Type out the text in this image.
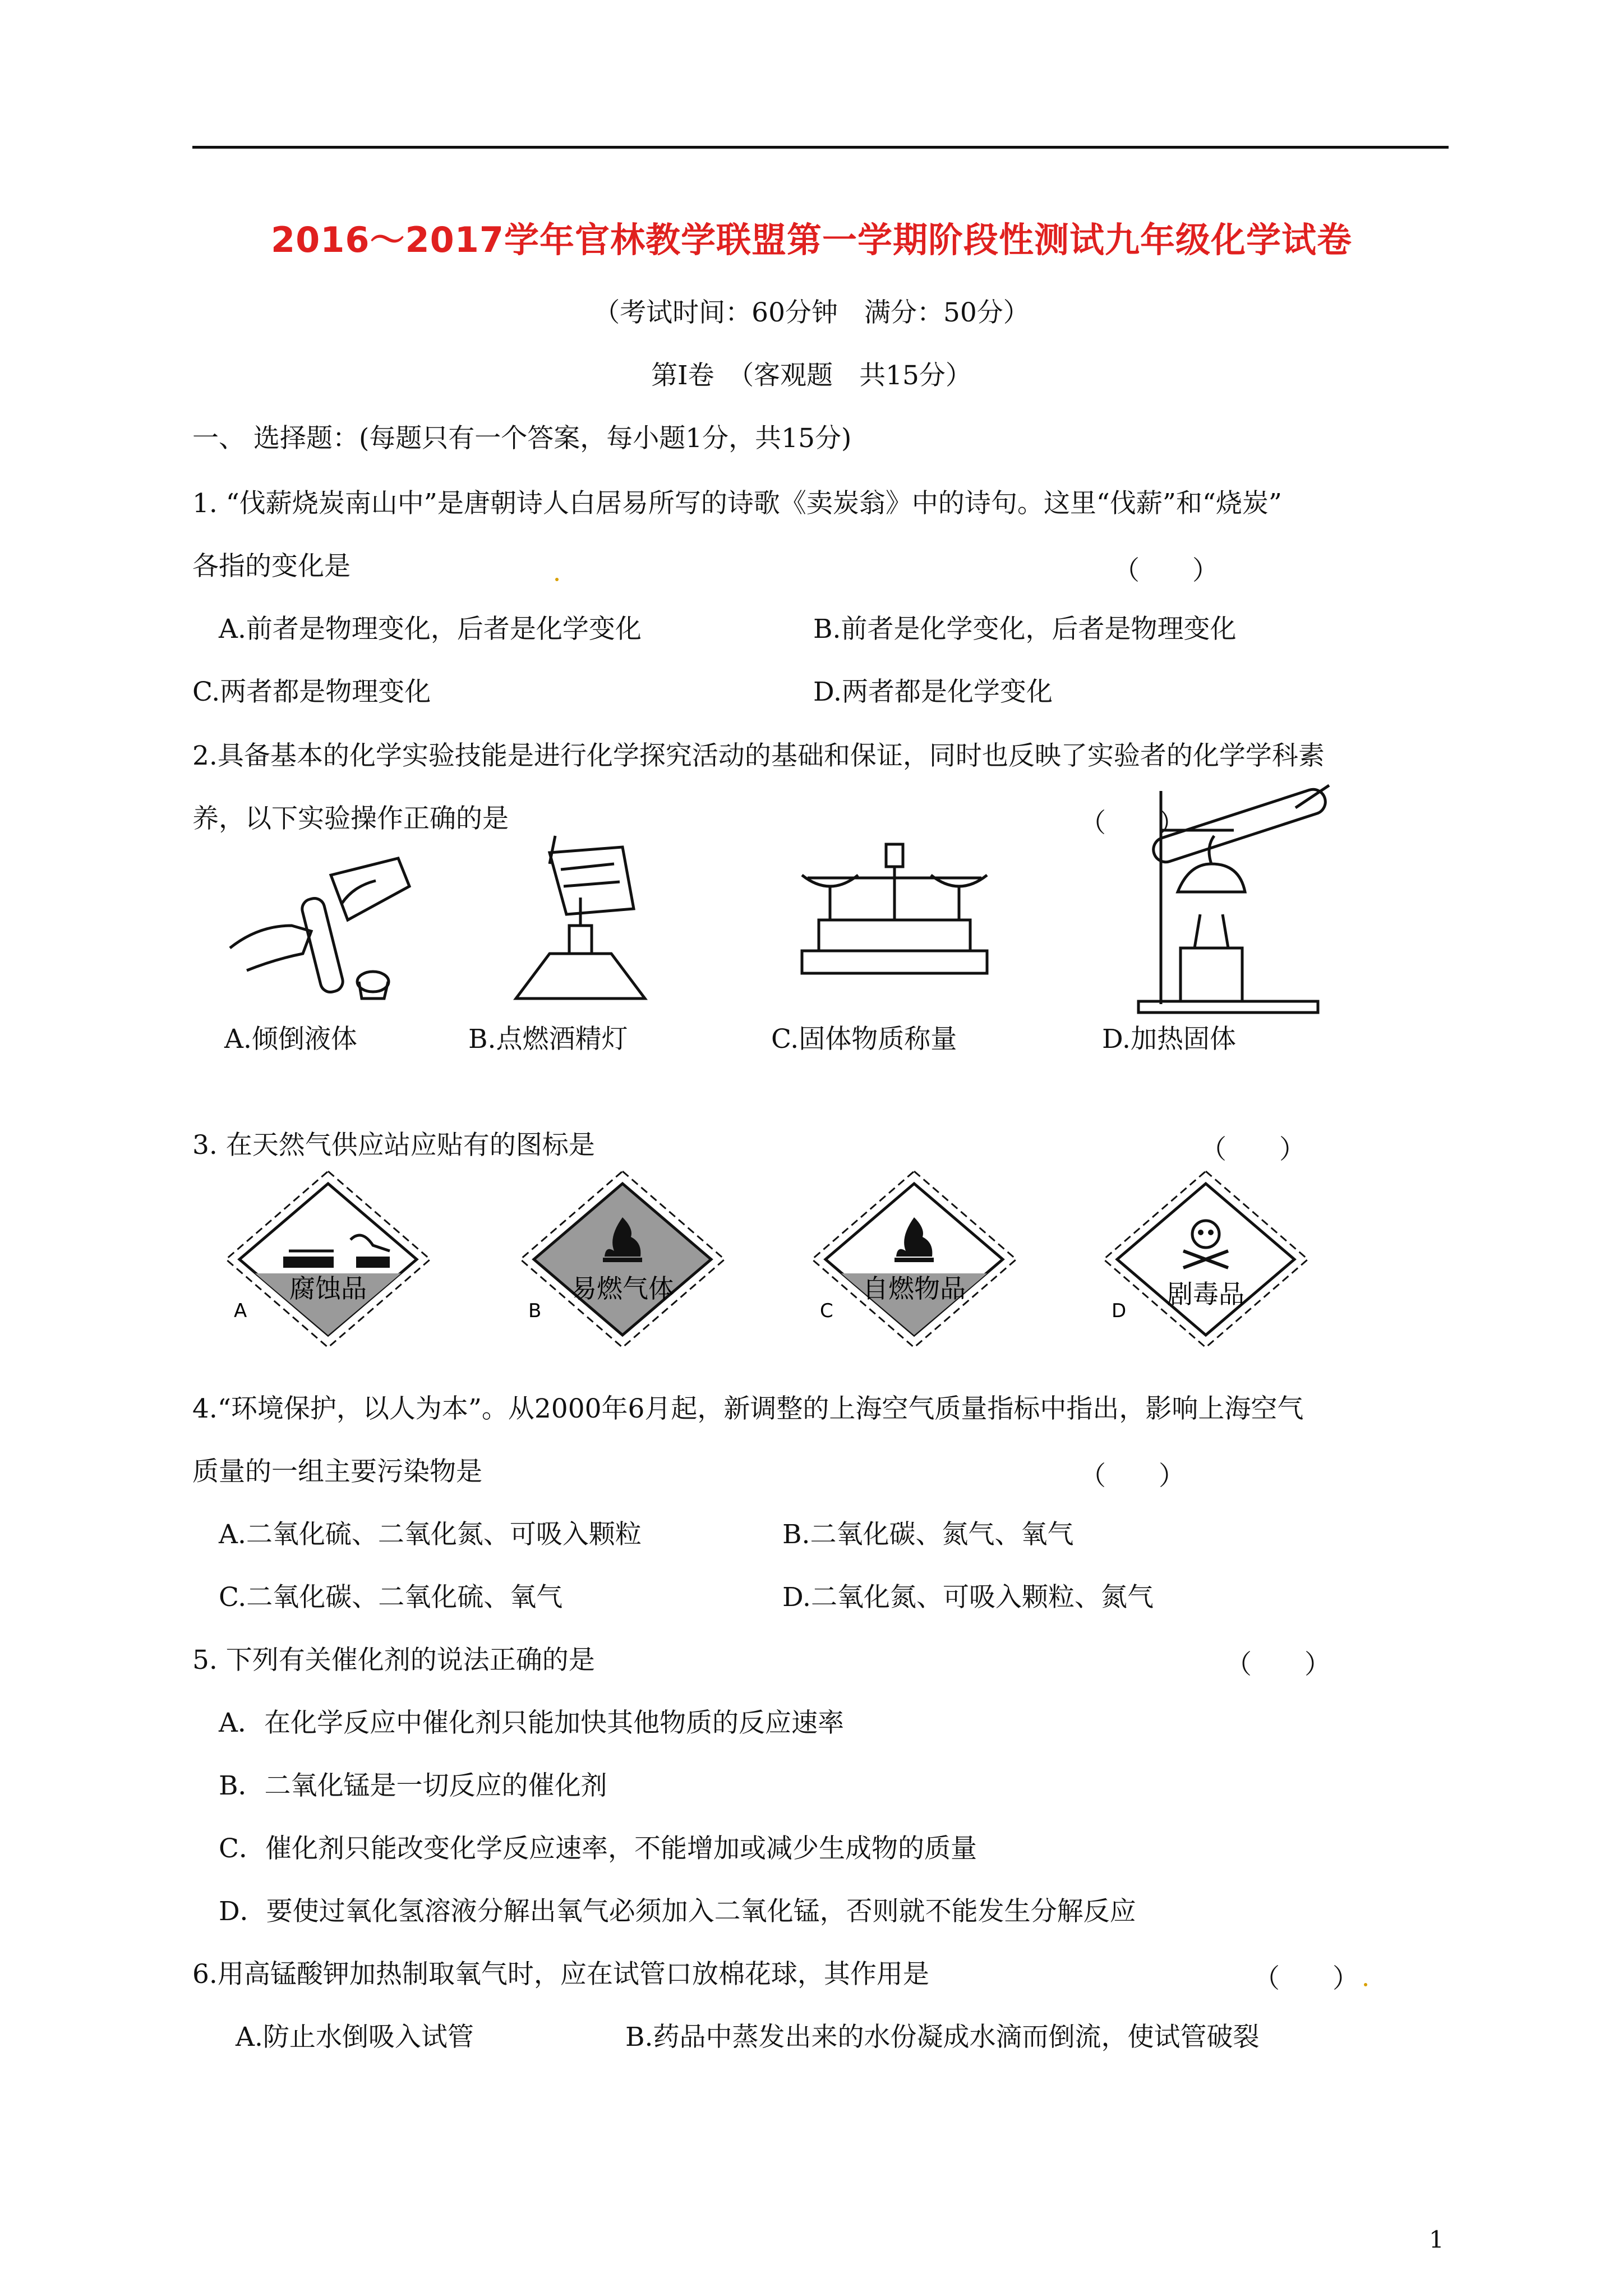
2016～2017学年官林教学联盟第一学期阶段性测试九年级化学试卷
（考试时间：60分钟　满分：50分）
第Ⅰ卷　（客观题　共15分）
一、 选择题：(每题只有一个答案，每小题1分，共15分)
1. “伐薪烧炭南山中”是唐朝诗人白居易所写的诗歌《卖炭翁》中的诗句。这里“伐薪”和“烧炭”
各指的变化是	（　　）
A.前者是物理变化，后者是化学变化	B.前者是化学变化，后者是物理变化
C.两者都是物理变化	D.两者都是化学变化
2.具备基本的化学实验技能是进行化学探究活动的基础和保证，同时也反映了实验者的化学学科素
养，以下实验操作正确的是	（　　）
A.倾倒液体	B.点燃酒精灯	C.固体物质称量	D.加热固体
3. 在天然气供应站应贴有的图标是	（　　）
腐蚀品
A
易燃气体
B
自燃物品
C
剧毒品
D
4.“环境保护，以人为本”。从2000年6月起，新调整的上海空气质量指标中指出，影响上海空气
质量的一组主要污染物是	（　　）
A.二氧化硫、二氧化氮、可吸入颗粒	B.二氧化碳、氮气、氧气
C.二氧化碳、二氧化硫、氧气	D.二氧化氮、可吸入颗粒、氮气
5. 下列有关催化剂的说法正确的是	（　　）
A．在化学反应中催化剂只能加快其他物质的反应速率
B．二氧化锰是一切反应的催化剂
C．催化剂只能改变化学反应速率，不能增加或减少生成物的质量
D．要使过氧化氢溶液分解出氧气必须加入二氧化锰，否则就不能发生分解反应
6.用高锰酸钾加热制取氧气时，应在试管口放棉花球，其作用是	（　　）
A.防止水倒吸入试管	B.药品中蒸发出来的水份凝成水滴而倒流，使试管破裂
1
